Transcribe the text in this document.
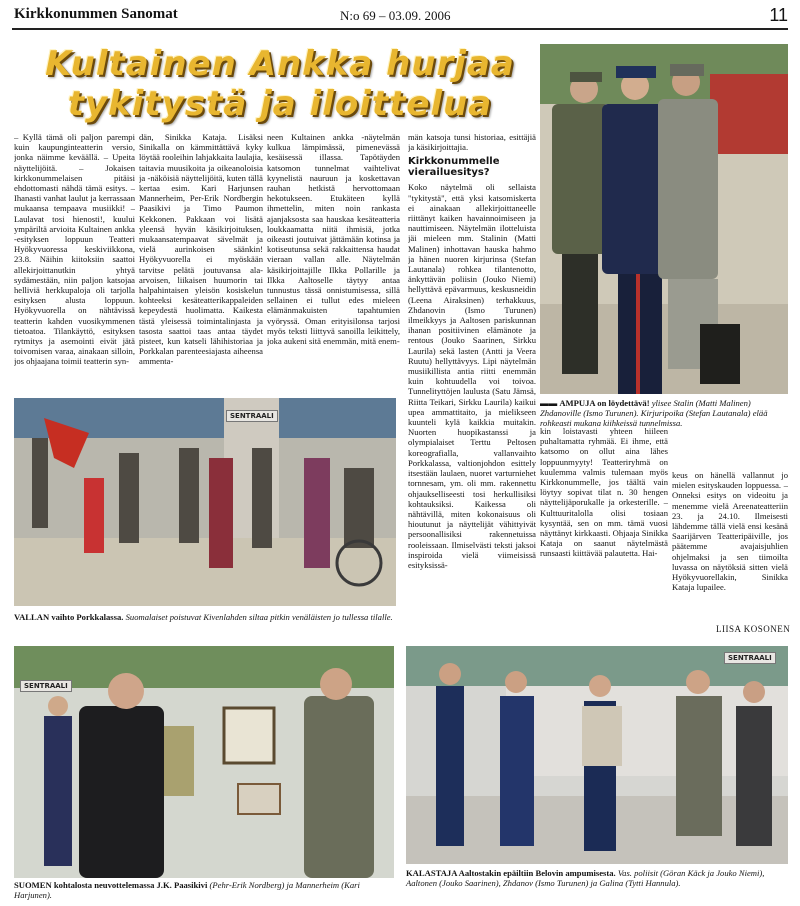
Kirkkonummen Sanomat	N:o 69 – 03.09. 2006	11
Kultainen Ankka hurjaa tykitystä ja iloittelua

– Kyllä tämä oli paljon parempi kuin kaupunginteatterin versio, jonka näimme keväällä. – Upeita näyttelijöitä. – Jokaisen kirkkonummelaisen pitäisi ehdottomasti nähdä tämä esitys. – Ihanasti vanhat laulut ja kerrassaan mukaansa tempaava musiikki! – Laulavat tosi hienosti!, kuului ympäriltä arvioita Kultainen ankka -esityksen loppuun Teatteri Hyökyvuoressa keskiviikkona, 23.8. Näihin kiitoksiin saattoi allekirjoittanutkin yhtyä sydämestään, niin paljon katsojaa helliviä herkkupaloja oli tarjolla esityksen alusta loppuun. Hyökyvuorella on nähtävissä teatterin kahden vuosikymmenen tietoatoa. Tilankäyttö, esityksen rytmitys ja asemointi eivät jätä toivomisen varaa, ainakaan silloin, jos ohjaajana toimii teatterin syn-

dän, Sinikka Kataja. Lisäksi Sinikalla on kämmittättävä kyky löytää rooleihin lahjakkaita laulajia, taitavia muusikoita ja oikeanoloisia ja -näköisiä näyttelijöitä, kuten tällä kertaa esim. Kari Harjunsen Mannerheim, Per-Erik Nordbergin Paasikivi ja Timo Paumon Kekkonen. Pakkaan voi lisätä yleensä hyvän käsikirjoituksen, mukaansatempaavat sävelmät ja vielä aurinkoisen säänkin! Hyökyvuorella ei myöskään tarvitse pelätä joutuvansa ala-arvoisen, liikaisen huumorin tai halpahintaisen yleisön kosiskelun kohteeksi kesäteatterikappaleiden kepeydestä huolimatta. Kaikesta tästä yleisessä toimintalinjasta ja tasosta saattoi taas antaa täydet pisteet, kun katseli lähihistoriaa ja Porkkalan parenteesiajasta aiheensa ammenta-

neen Kultainen ankka -näytelmän kulkua lämpimässä, pimenevässä kesäisessä illassa. Tapötäyden katsomon tunnelmat vaihtelivat kyynelistä nauruun ja koskettavan rauhan hetkistä hervottomaan hekotukseen. Etukäteen kyllä ihmettelin, miten noin rankasta ajanjaksosta saa hauskaa kesäteatteria loukkaamatta niitä ihmisiä, jotka oikeasti joutuivat jättämään kotinsa ja kotiseutunsa sekä rakkaittensa haudat vieraan vallan alle. Näytelmän käsikirjoittajille Ilkka Pollarille ja Ilkka Aaltoselle täytyy antaa tunnustus tässä onnistumisessa, sillä sellainen ei tullut edes mieleen elämänmakuisten tapahtumien vyöryssä. Oman erityisilonsa tarjosi myös teksti liittyvä sanoilla leikittely, joka aukeni sitä enemmän, mitä enem-

män katsoja tunsi historiaa, esittäjiä ja käsikirjoittajia.

Kirkkonummelle vierailuesitys?

Koko näytelmä oli sellaista "tykitystä", että yksi katsomiskerta ei ainakaan allekirjoittaneelle riittänyt kaiken havainnoimiseen ja nauttimiseen. Näytelmän ilotteluista jäi mieleen mm. Stalinin (Matti Malinen) inhottavan hauska hahmo ja hänen nuoren kirjurinsa (Stefan Lautanala) rohkea tilantenotto, änkyttävän poliisin (Jouko Niemi) hellyttävä epävarmuus, keskusneidin (Leena Airaksinen) terhakkuus, Zhdanovin (Ismo Turunen) ilmeikkyys ja Aaltosen pariskunnan ihanan positiivinen elämänote ja rentous (Jouko Saarinen, Sirkku Laurila) sekä lasten (Antti ja Veera Ruutu) hellyttävyys. Lipi näytelmän musiikillista antia riitti enemmän kuin kohtuudella voi toivoa. Tunnelityttöjen laulusta (Satu Jämsä, Riitta Teikari, Sirkku Laurila) kaikui upea ammattitaito, ja mielikseen kuunteli kylä kaikkia muitakin. Nuorten huopikastanssi ja olympialaiset Terttu Peltosen koreografialla, vallanvaihto Porkkalassa, valtionjohdon esittely itsestään laulaen, nuoret varturniehet tornnesam, ym. oli mm. rakennettu ohjaukselliseesti tosi herkullisiksi kohtauksiksi. Kaikessa oli nähtävillä, miten kokonaisuus oli hioutunut ja näyttelijät vähittyivät persoonallisiksi rakennetuissa rooleissaan. Ilmiselvästi teksti jaksoi inspiroida vielä viimeisissä esityksissä-

kin loistavasti yhteen hiileen puhaltamatta ryhmää. Ei ihme, että katsomo on ollut aina lähes loppuunmyyty! Teatteriryhmä on kuulemma valmis tulemaan myös Kirkkonummelle, jos täältä vain löytyy sopivat tilat n. 30 hengen näyttelijäporukalle ja orkesterille. – Kulttuuritalolla olisi tosiaan kysyntää, sen on mm. tämä vuosi näyttänyt kirkkaasti. Ohjaaja Sinikka Kataja on saanut näytelmästä runsaasti kiittävää palautetta. Hai-

keus on hänellä vallannut jo mielen esityskauden loppuessa. – Onneksi esitys on videoitu ja menemme vielä Areenateatteriin 23. ja 24.10. Ilmeisesti lähdemme tällä vielä ensi kesänä Saarijärven Teatteripäiville, jos päätemme avajaisjuhlien ohjelmaksi ja sen tiimoilta luvassa on näytöksiä sitten vielä Hyökyvuorellakin, Sinikka Kataja lupailee.

LIISA KOSONEN
▬▬ AMPUJA on löydettävä! ylisee Stalin (Matti Malinen) Zhdanoville (Ismo Turunen). Kirjuripoika (Stefan Lautanala) elää rohkeasti mukana kiihkeissä tunnelmissa.
SENTRAALI
VALLAN vaihto Porkkalassa. Suomalaiset poistuvat Kivenlahden siltaa pitkin venäläisten jo tullessa tilalle.
SENTRAALI
SUOMEN kohtalosta neuvottelemassa J.K. Paasikivi (Pehr-Erik Nordberg) ja Mannerheim (Kari Harjunen).
SENTRAALI
KALASTAJA Aaltostakin epäiltiin Belovin ampumisesta. Vas. poliisit (Göran Käck ja Jouko Niemi), Aaltonen (Jouko Saarinen), Zhdanov (Ismo Turunen) ja Galina (Tytti Hannula).
